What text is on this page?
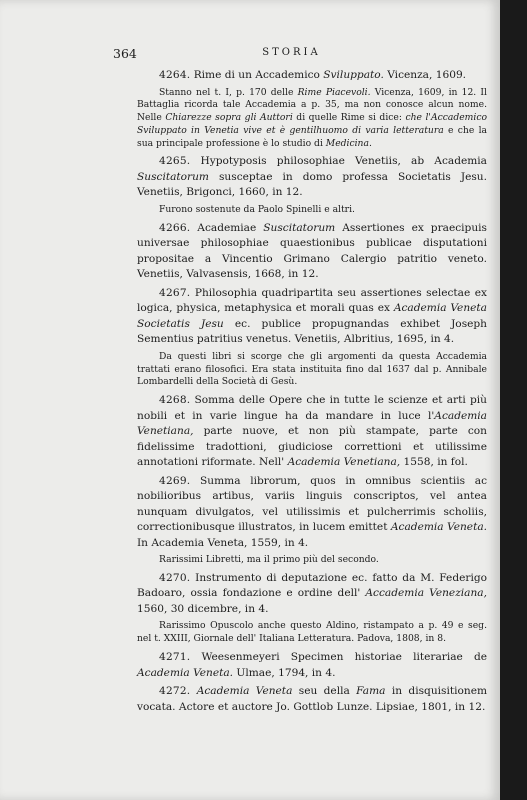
364	STORIA

4264. Rime di un Accademico Sviluppato. Vicenza, 1609.

Stanno nel t. I, p. 170 delle Rime Piacevoli. Vicenza, 1609, in 12. Il Battaglia ricorda tale Accademia a p. 35, ma non conosce alcun nome. Nelle Chiarezze sopra gli Auttori di quelle Rime si dice: che l'Accademico Sviluppato in Venetia vive et è gentilhuomo di varia letteratura e che la sua principale professione è lo studio di Medicina.

4265. Hypotyposis philosophiae Venetiis, ab Academia Suscitatorum susceptae in domo professa Societatis Jesu. Venetiis, Brigonci, 1660, in 12.

Furono sostenute da Paolo Spinelli e altri.

4266. Academiae Suscitatorum Assertiones ex praecipuis universae philosophiae quaestionibus publicae disputationi propositae a Vincentio Grimano Calergio patritio veneto. Venetiis, Valvasensis, 1668, in 12.

4267. Philosophia quadripartita seu assertiones selectae ex logica, physica, metaphysica et morali quas ex Academia Veneta Societatis Jesu ec. publice propugnandas exhibet Joseph Sementius patritius venetus. Venetiis, Albritius, 1695, in 4.

Da questi libri si scorge che gli argomenti da questa Accademia trattati erano filosofici. Era stata instituita fino dal 1637 dal p. Annibale Lombardelli della Società di Gesù.

4268. Somma delle Opere che in tutte le scienze et arti più nobili et in varie lingue ha da mandare in luce l'Academia Venetiana, parte nuove, et non più stampate, parte con fidelissime tradottioni, giudiciose correttioni et utilissime annotationi riformate. Nell' Academia Venetiana, 1558, in fol.

4269. Summa librorum, quos in omnibus scientiis ac nobilioribus artibus, variis linguis conscriptos, vel antea nunquam divulgatos, vel utilissimis et pulcherrimis scholiis, correctionibusque illustratos, in lucem emittet Academia Veneta. In Academia Veneta, 1559, in 4.

Rarissimi Libretti, ma il primo più del secondo.

4270. Instrumento di deputazione ec. fatto da M. Federigo Badoaro, ossia fondazione e ordine dell' Accademia Veneziana, 1560, 30 dicembre, in 4.

Rarissimo Opuscolo anche questo Aldino, ristampato a p. 49 e seg. nel t. XXIII, Giornale dell' Italiana Letteratura. Padova, 1808, in 8.

4271. Weesenmeyeri Specimen historiae literariae de Academia Veneta. Ulmae, 1794, in 4.

4272. Academia Veneta seu della Fama in disquisitionem vocata. Actore et auctore Jo. Gottlob Lunze. Lipsiae, 1801, in 12.
